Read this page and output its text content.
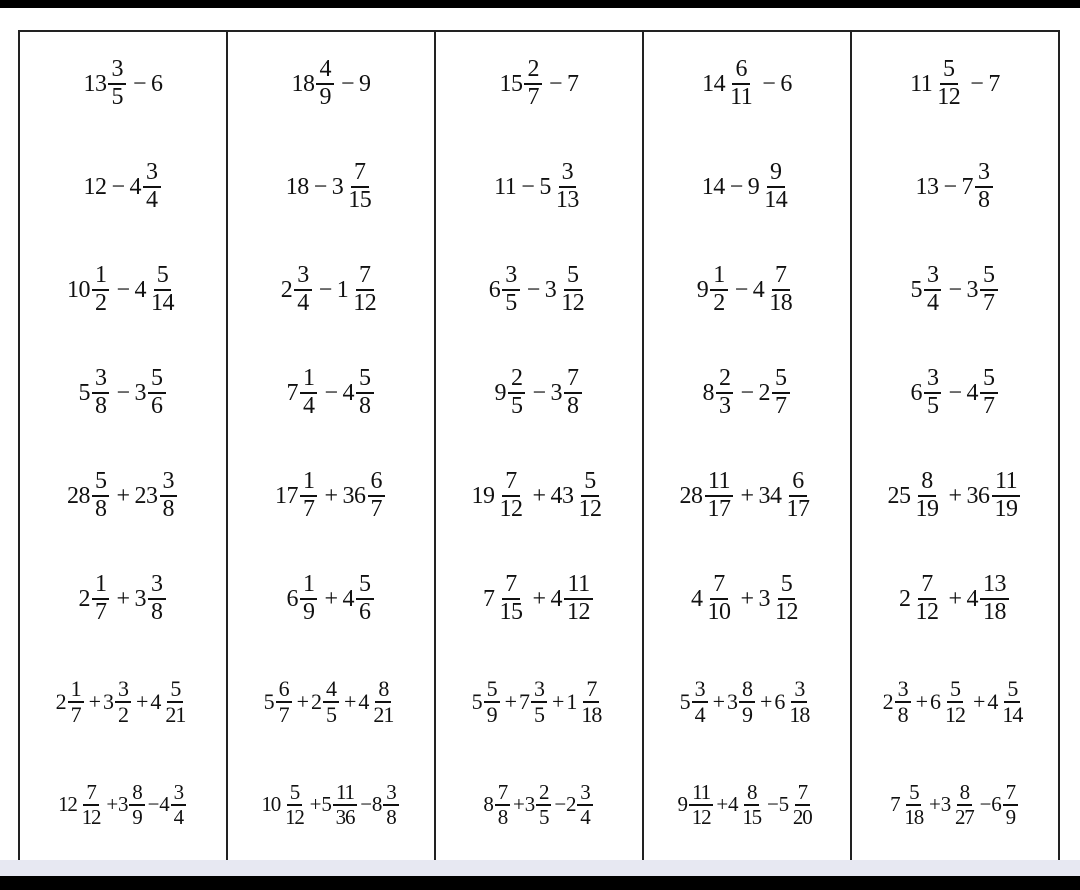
$13 \frac{3}{5} - 6$
$12 - 4 \frac{3}{4}$
$10 \frac{1}{2} - 4 \frac{5}{14}$
$5 \frac{3}{8} - 3 \frac{5}{6}$
$28 \frac{5}{8} + 23 \frac{3}{8}$
$2 \frac{1}{7} + 3 \frac{3}{8}$
$2 \frac{1}{7} + 3 \frac{3}{2} + 4 \frac{5}{21}$
$12 \frac{7}{12} + 3 \frac{8}{9} - 4 \frac{3}{4}$
$18 \frac{4}{9} - 9$
$18 - 3 \frac{7}{15}$
$2 \frac{3}{4} - 1 \frac{7}{12}$
$7 \frac{1}{4} - 4 \frac{5}{8}$
$17 \frac{1}{7} + 36 \frac{6}{7}$
$6 \frac{1}{9} + 4 \frac{5}{6}$
$5 \frac{6}{7} + 2 \frac{4}{5} + 4 \frac{8}{21}$
$10 \frac{5}{12} + 5 \frac{11}{36} - 8 \frac{3}{8}$
$15 \frac{2}{7} - 7$
$11 - 5 \frac{3}{13}$
$6 \frac{3}{5} - 3 \frac{5}{12}$
$9 \frac{2}{5} - 3 \frac{7}{8}$
$19 \frac{7}{12} + 43 \frac{5}{12}$
$7 \frac{7}{15} + 4 \frac{11}{12}$
$5 \frac{5}{9} + 7 \frac{3}{5} + 1 \frac{7}{18}$
$8 \frac{7}{8} + 3 \frac{2}{5} - 2 \frac{3}{4}$
$14 \frac{6}{11} - 6$
$14 - 9 \frac{9}{14}$
$9 \frac{1}{2} - 4 \frac{7}{18}$
$8 \frac{2}{3} - 2 \frac{5}{7}$
$28 \frac{11}{17} + 34 \frac{6}{17}$
$4 \frac{7}{10} + 3 \frac{5}{12}$
$5 \frac{3}{4} + 3 \frac{8}{9} + 6 \frac{3}{18}$
$9 \frac{11}{12} + 4 \frac{8}{15} - 5 \frac{7}{20}$
$11 \frac{5}{12} - 7$
$13 - 7 \frac{3}{8}$
$5 \frac{3}{4} - 3 \frac{5}{7}$
$6 \frac{3}{5} - 4 \frac{5}{7}$
$25 \frac{8}{19} + 36 \frac{11}{19}$
$2 \frac{7}{12} + 4 \frac{13}{18}$
$2 \frac{3}{8} + 6 \frac{5}{12} + 4 \frac{5}{14}$
$7 \frac{5}{18} + 3 \frac{8}{27} - 6 \frac{7}{9}$
